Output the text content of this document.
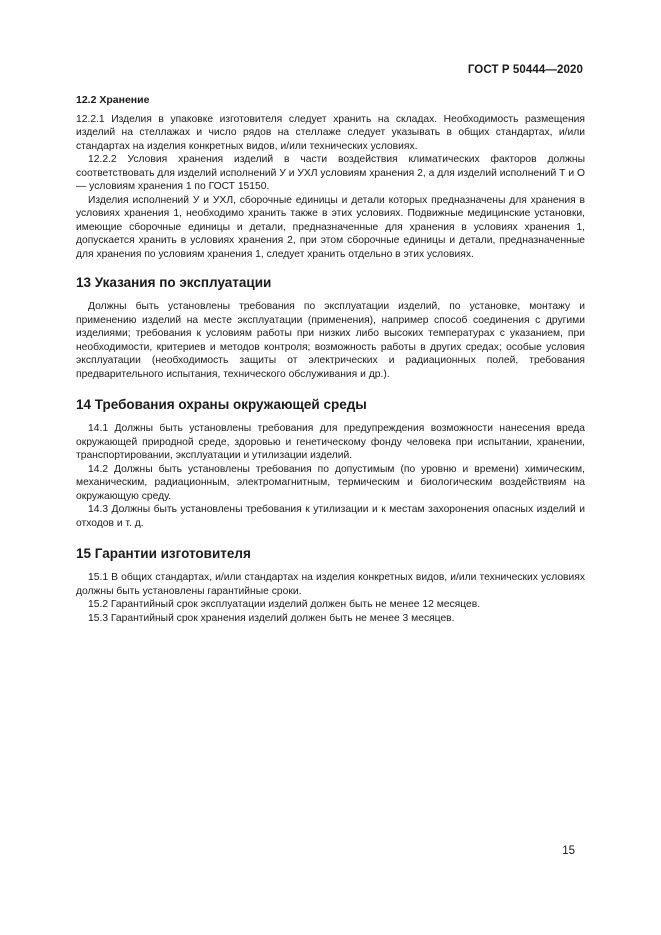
ГОСТ Р 50444—2020
12.2 Хранение

12.2.1 Изделия в упаковке изготовителя следует хранить на складах. Необходимость размещения изделий на стеллажах и число рядов на стеллаже следует указывать в общих стандартах, и/или стандартах на изделия конкретных видов, и/или технических условиях.

12.2.2 Условия хранения изделий в части воздействия климатических факторов должны соответствовать для изделий исполнений У и УХЛ условиям хранения 2, а для изделий исполнений Т и О — условиям хранения 1 по ГОСТ 15150.

Изделия исполнений У и УХЛ, сборочные единицы и детали которых предназначены для хранения в условиях хранения 1, необходимо хранить также в этих условиях. Подвижные медицинские установки, имеющие сборочные единицы и детали, предназначенные для хранения в условиях хранения 1, допускается хранить в условиях хранения 2, при этом сборочные единицы и детали, предназначенные для хранения по условиям хранения 1, следует хранить отдельно в этих условиях.

13 Указания по эксплуатации

Должны быть установлены требования по эксплуатации изделий, по установке, монтажу и применению изделий на месте эксплуатации (применения), например способ соединения с другими изделиями; требования к условиям работы при низких либо высоких температурах с указанием, при необходимости, критериев и методов контроля; возможность работы в других средах; особые условия эксплуатации (необходимость защиты от электрических и радиационных полей, требования предварительного испытания, технического обслуживания и др.).

14 Требования охраны окружающей среды

14.1 Должны быть установлены требования для предупреждения возможности нанесения вреда окружающей природной среде, здоровью и генетическому фонду человека при испытании, хранении, транспортировании, эксплуатации и утилизации изделий.

14.2 Должны быть установлены требования по допустимым (по уровню и времени) химическим, механическим, радиационным, электромагнитным, термическим и биологическим воздействиям на окружающую среду.

14.3 Должны быть установлены требования к утилизации и к местам захоронения опасных изделий и отходов и т. д.

15 Гарантии изготовителя

15.1 В общих стандартах, и/или стандартах на изделия конкретных видов, и/или технических условиях должны быть установлены гарантийные сроки.

15.2 Гарантийный срок эксплуатации изделий должен быть не менее 12 месяцев.

15.3 Гарантийный срок хранения изделий должен быть не менее 3 месяцев.

15
